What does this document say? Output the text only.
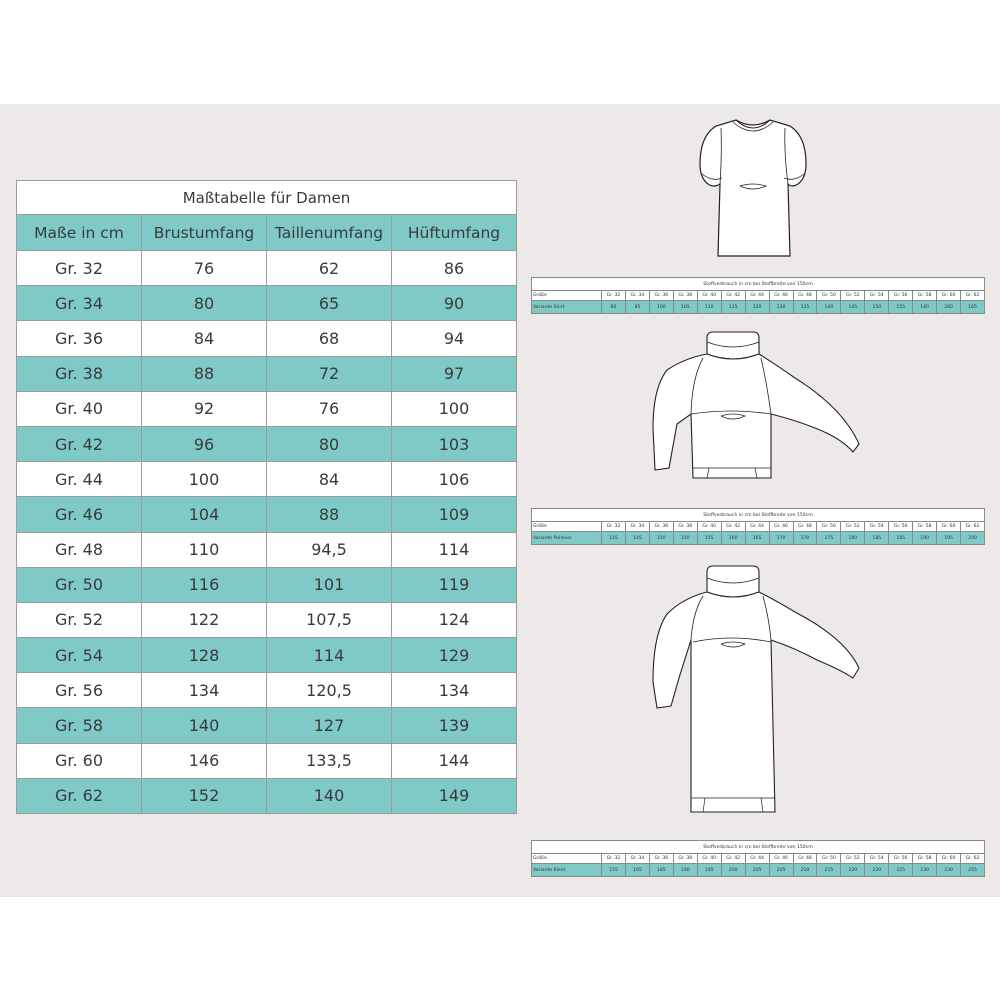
Maßtabelle für Damen			
Maße in cm	Brustumfang	Taillenumfang	Hüftumfang
Gr. 32	76	62	86
Gr. 34	80	65	90
Gr. 36	84	68	94
Gr. 38	88	72	97
Gr. 40	92	76	100
Gr. 42	96	80	103
Gr. 44	100	84	106
Gr. 46	104	88	109
Gr. 48	110	94,5	114
Gr. 50	116	101	119
Gr. 52	122	107,5	124
Gr. 54	128	114	129
Gr. 56	134	120,5	134
Gr. 58	140	127	139
Gr. 60	146	133,5	144
Gr. 62	152	140	149
Stoffverbrauch in cm bei Stoffbreite von 150cm																
Größe	Gr. 32	Gr. 34	Gr. 36	Gr. 38	Gr. 40	Gr. 42	Gr. 44	Gr. 46	Gr. 48	Gr. 50	Gr. 52	Gr. 54	Gr. 56	Gr. 58	Gr. 60	Gr. 62
Variante Shirt	80	85	100	105	110	115	120	130	135	140	145	150	155	160	260	165
Stoffverbrauch in cm bei Stoffbreite von 150cm																
Größe	Gr. 32	Gr. 34	Gr. 36	Gr. 38	Gr. 40	Gr. 42	Gr. 44	Gr. 46	Gr. 48	Gr. 50	Gr. 52	Gr. 54	Gr. 56	Gr. 58	Gr. 60	Gr. 62
Variante Pullover	115	145	150	150	155	160	165	170	170	175	180	185	185	190	195	200
Stoffverbrauch in cm bei Stoffbreite von 150cm																
Größe	Gr. 32	Gr. 34	Gr. 36	Gr. 38	Gr. 40	Gr. 42	Gr. 44	Gr. 46	Gr. 48	Gr. 50	Gr. 52	Gr. 54	Gr. 56	Gr. 58	Gr. 60	Gr. 62
Variante Kleid	155	165	185	190	195	200	205	205	210	215	220	220	225	230	230	255
